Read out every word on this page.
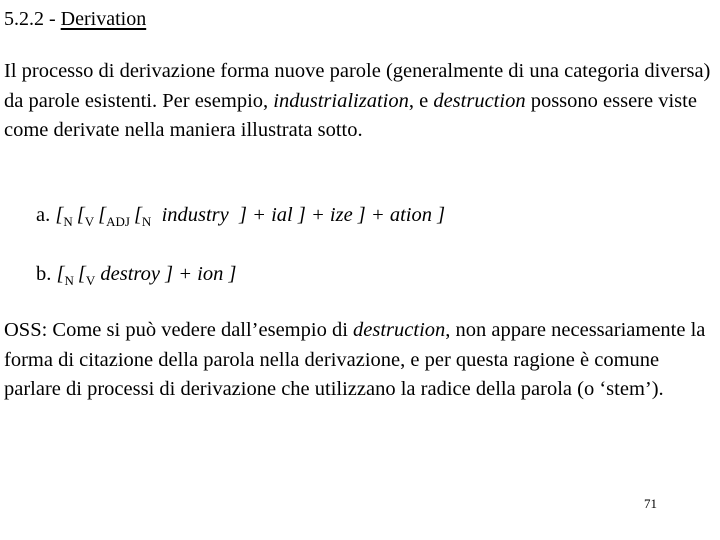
5.2.2 - Derivation

Il processo di derivazione forma nuove parole (generalmente di una categoria diversa) da parole esistenti. Per esempio, industrialization, e destruction possono essere viste come derivate nella maniera illustrata sotto.

a. [$_N$ [$_V$ [$_{ADJ}$ [$_N$ industry ] + ial ] + ize ] + ation ]
b. [$_N$ [$_V$ destroy ] + ion ]

OSS: Come si può vedere dall’esempio di destruction, non appare necessariamente la forma di citazione della parola nella derivazione, e per questa ragione è comune parlare di processi di derivazione che utilizzano la radice della parola (o ‘stem’).

71
